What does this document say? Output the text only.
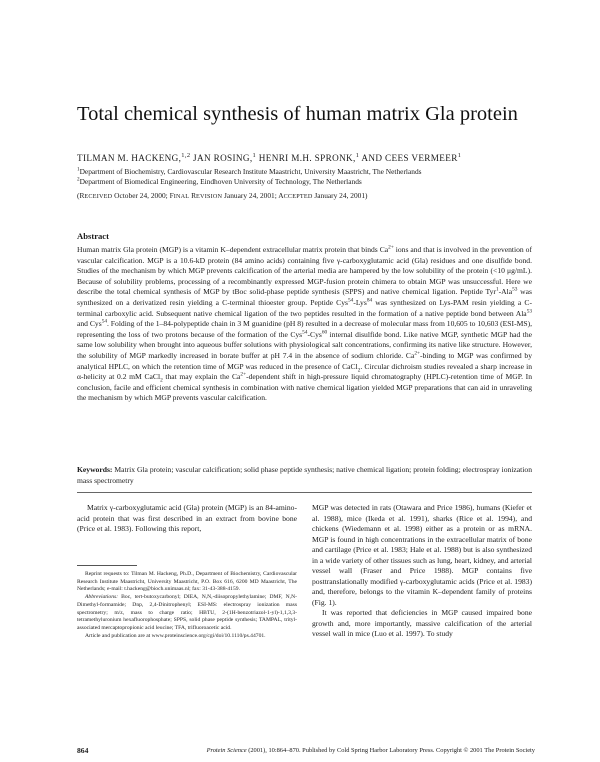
Total chemical synthesis of human matrix Gla protein
TILMAN M. HACKENG,$^{1,2}$ JAN ROSING,$^1$ HENRI M.H. SPRONK,$^1$ AND CEES VERMEER$^1$
$^1$Department of Biochemistry, Cardiovascular Research Institute Maastricht, University Maastricht, The Netherlands
$^2$Department of Biomedical Engineering, Eindhoven University of Technology, The Netherlands
(RECEIVED October 24, 2000; FINAL REVISION January 24, 2001; ACCEPTED January 24, 2001)
Abstract
Human matrix Gla protein (MGP) is a vitamin K–dependent extracellular matrix protein that binds $Ca^{2+}$ ions and that is involved in the prevention of vascular calcification. MGP is a 10.6-kD protein (84 amino acids) containing five γ-carboxyglutamic acid (Gla) residues and one disulfide bond. Studies of the mechanism by which MGP prevents calcification of the arterial media are hampered by the low solubility of the protein (<10 μg/mL). Because of solubility problems, processing of a recombinantly expressed MGP-fusion protein chimera to obtain MGP was unsuccessful. Here we describe the total chemical synthesis of MGP by tBoc solid-phase peptide synthesis (SPPS) and native chemical ligation. Peptide Tyr$^1$-Ala$^{53}$ was synthesized on a derivatized resin yielding a C-terminal thioester group. Peptide Cys$^{54}$-Lys$^{84}$ was synthesized on Lys-PAM resin yielding a C-terminal carboxylic acid. Subsequent native chemical ligation of the two peptides resulted in the formation of a native peptide bond between Ala$^{53}$ and Cys$^{54}$. Folding of the 1–84-polypeptide chain in 3 M guanidine (pH 8) resulted in a decrease of molecular mass from 10,605 to 10,603 (ESI-MS), representing the loss of two protons because of the formation of the Cys$^{54}$-Cys$^{60}$ internal disulfide bond. Like native MGP, synthetic MGP had the same low solubility when brought into aqueous buffer solutions with physiological salt concentrations, confirming its native like structure. However, the solubility of MGP markedly increased in borate buffer at pH 7.4 in the absence of sodium chloride. $Ca^{2+}$-binding to MGP was confirmed by analytical HPLC, on which the retention time of MGP was reduced in the presence of CaCl$_2$. Circular dichroism studies revealed a sharp increase in α-helicity at 0.2 mM CaCl$_2$ that may explain the $Ca^{2+}$-dependent shift in high-pressure liquid chromatography (HPLC)-retention time of MGP. In conclusion, facile and efficient chemical synthesis in combination with native chemical ligation yielded MGP preparations that can aid in unraveling the mechanism by which MGP prevents vascular calcification.
Keywords: Matrix Gla protein; vascular calcification; solid phase peptide synthesis; native chemical ligation; protein folding; electrospray ionization mass spectrometry

Matrix γ-carboxyglutamic acid (Gla) protein (MGP) is an 84-amino-acid protein that was first described in an extract from bovine bone (Price et al. 1983). Following this report,

Reprint requests to: Tilman M. Hackeng, Ph.D., Department of Biochemistry, Cardiovascular Research Institute Maastricht, University Maastricht, P.O. Box 616, 6200 MD Maastricht, The Netherlands; e-mail: t.hackeng@bioch.unimaas.nl; fax: 31-43-388-4159.

Abbreviations: Boc, tert-butoxycarbonyl; DIEA, N,N,-diisopropylethylamine; DMF, N,N-Dimethyl-formamide; Dnp, 2,4-Dinitrophenyl; ESI-MS: electrospray ionization mass spectrometry; m/z, mass to charge ratio; HBTU, 2-(1H-benzotriazol-1-yl)-1,1,3,3-tetramethyluronium hexafluorophosphate; SPPS, solid phase peptide synthesis; TAMPAL, trityl-associated mercaptopropionic acid leucine; TFA, trifluoroacetic acid.

Article and publication are at www.proteinscience.org/cgi/doi/10.1110/ps.44701.

MGP was detected in rats (Otawara and Price 1986), humans (Kiefer et al. 1988), mice (Ikeda et al. 1991), sharks (Rice et al. 1994), and chickens (Wiedemann et al. 1998) either as a protein or as mRNA. MGP is found in high concentrations in the extracellular matrix of bone and cartilage (Price et al. 1983; Hale et al. 1988) but is also synthesized in a wide variety of other tissues such as lung, heart, kidney, and arterial vessel wall (Fraser and Price 1988). MGP contains five posttranslationally modified γ-carboxyglutamic acids (Price et al. 1983) and, therefore, belongs to the vitamin K–dependent family of proteins (Fig. 1).

It was reported that deficiencies in MGP caused impaired bone growth and, more importantly, massive calcification of the arterial vessel wall in mice (Luo et al. 1997). To study

864	Protein Science (2001), 10:864–870. Published by Cold Spring Harbor Laboratory Press. Copyright © 2001 The Protein Society
